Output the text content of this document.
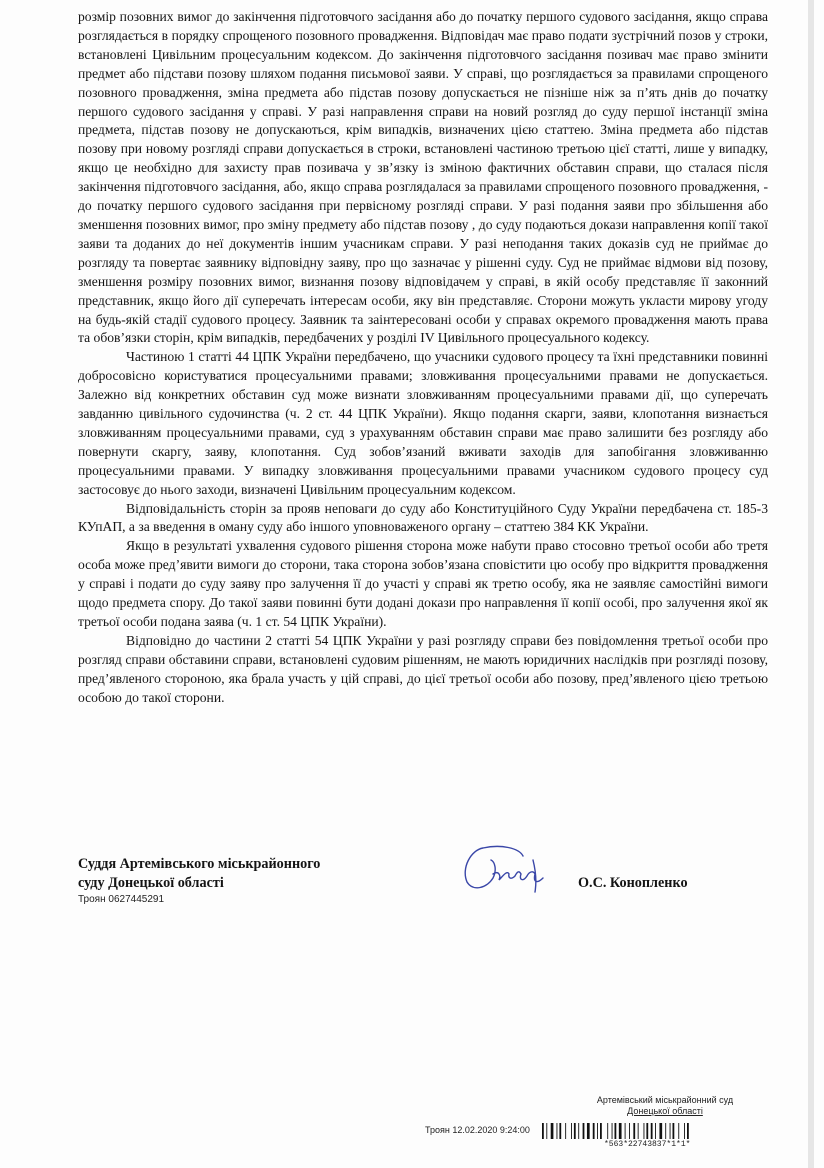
розмір позовних вимог до закінчення підготовчого засідання або до початку першого судового засідання, якщо справа розглядається в порядку спрощеного позовного провадження. Відповідач має право подати зустрічний позов у строки, встановлені Цивільним процесуальним кодексом. До закінчення підготовчого засідання позивач має право змінити предмет або підстави позову шляхом подання письмової заяви. У справі, що розглядається за правилами спрощеного позовного провадження, зміна предмета або підстав позову допускається не пізніше ніж за п’ять днів до початку першого судового засідання у справі. У разі направлення справи на новий розгляд до суду першої інстанції зміна предмета, підстав позову не допускаються, крім випадків, визначених цією статтею. Зміна предмета або підстав позову при новому розгляді справи допускається в строки, встановлені частиною третьою цієї статті, лише у випадку, якщо це необхідно для захисту прав позивача у зв’язку із зміною фактичних обставин справи, що сталася після закінчення підготовчого засідання, або, якщо справа розглядалася за правилами спрощеного позовного провадження, - до початку першого судового засідання при первісному розгляді справи. У разі подання заяви про збільшення або зменшення позовних вимог, про зміну предмету або підстав позову , до суду подаються докази направлення копії такої заяви та доданих до неї документів іншим учасникам справи. У разі неподання таких доказів суд не приймає до розгляду та повертає заявнику відповідну заяву, про що зазначає у рішенні суду. Суд не приймає відмови від позову, зменшення розміру позовних вимог, визнання позову відповідачем у справі, в якій особу представляє її законний представник, якщо його дії суперечать інтересам особи, яку він представляє. Сторони можуть укласти мирову угоду на будь-якій стадії судового процесу. Заявник та заінтересовані особи у справах окремого провадження мають права та обов’язки сторін, крім випадків, передбачених у розділі IV Цивільного процесуального кодексу.

Частиною 1 статті 44 ЦПК України передбачено, що учасники судового процесу та їхні представники повинні добросовісно користуватися процесуальними правами; зловживання процесуальними правами не допускається. Залежно від конкретних обставин суд може визнати зловживанням процесуальними правами дії, що суперечать завданню цивільного судочинства (ч. 2 ст. 44 ЦПК України). Якщо подання скарги, заяви, клопотання визнається зловживанням процесуальними правами, суд з урахуванням обставин справи має право залишити без розгляду або повернути скаргу, заяву, клопотання. Суд зобов’язаний вживати заходів для запобігання зловживанню процесуальними правами. У випадку зловживання процесуальними правами учасником судового процесу суд застосовує до нього заходи, визначені Цивільним процесуальним кодексом.

Відповідальність сторін за прояв неповаги до суду або Конституційного Суду України передбачена ст. 185-3 КУпАП, а за введення в оману суду або іншого уповноваженого органу – статтею 384 КК України.

Якщо в результаті ухвалення судового рішення сторона може набути право стосовно третьої особи або третя особа може пред’явити вимоги до сторони, така сторона зобов’язана сповістити цю особу про відкриття провадження у справі і подати до суду заяву про залучення її до участі у справі як третю особу, яка не заявляє самостійні вимоги щодо предмета спору. До такої заяви повинні бути додані докази про направлення її копії особі, про залучення якої як третьої особи подана заява (ч. 1 ст. 54 ЦПК України).

Відповідно до частини 2 статті 54 ЦПК України у разі розгляду справи без повідомлення третьої особи про розгляд справи обставини справи, встановлені судовим рішенням, не мають юридичних наслідків при розгляді позову, пред’явленого стороною, яка брала участь у цій справі, до цієї третьої особи або позову, пред’явленого цією третьою особою до такої сторони.

Суддя Артемівського міськрайонного
суду Донецької області
Троян 0627445291
О.С. Конопленко
Артемівський міськрайонний суд
Донецької області
Троян 12.02.2020 9:24:00
*563*22743837*1*1*
